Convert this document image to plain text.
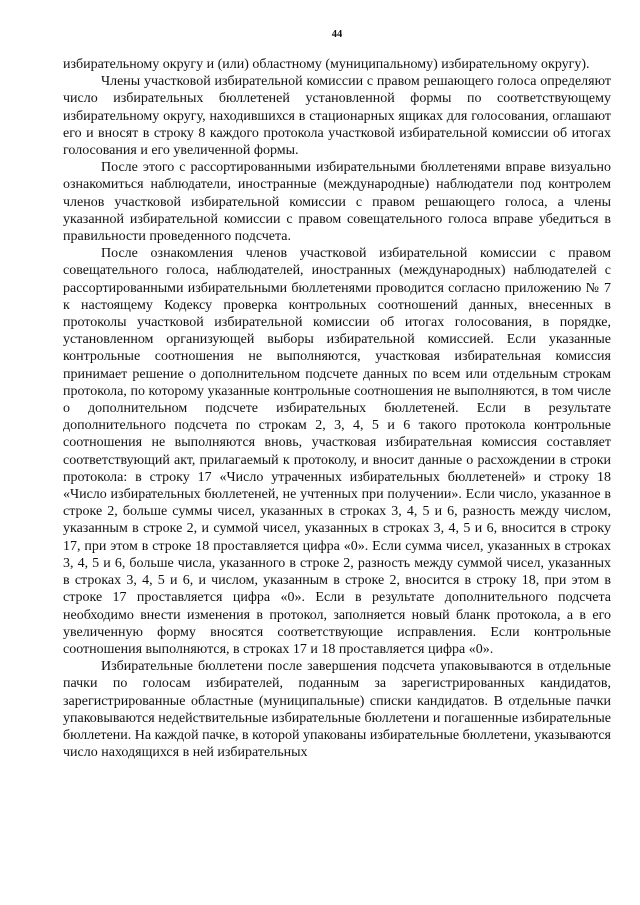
44

избирательному округу и (или) областному (муниципальному) избирательному округу).

Члены участковой избирательной комиссии с правом решающего голоса определяют число избирательных бюллетеней установленной формы по соответствующему избирательному округу, находившихся в стационарных ящиках для голосования, оглашают его и вносят в строку 8 каждого протокола участковой избирательной комиссии об итогах голосования и его увеличенной формы.

После этого с рассортированными избирательными бюллетенями вправе визуально ознакомиться наблюдатели, иностранные (международные) наблюдатели под контролем членов участковой избирательной комиссии с правом решающего голоса, а члены указанной избирательной комиссии с правом совещательного голоса вправе убедиться в правильности проведенного подсчета.

После ознакомления членов участковой избирательной комиссии с правом совещательного голоса, наблюдателей, иностранных (международных) наблюдателей с рассортированными избирательными бюллетенями проводится согласно приложению № 7 к настоящему Кодексу проверка контрольных соотношений данных, внесенных в протоколы участковой избирательной комиссии об итогах голосования, в порядке, установленном организующей выборы избирательной комиссией. Если указанные контрольные соотношения не выполняются, участковая избирательная комиссия принимает решение о дополнительном подсчете данных по всем или отдельным строкам протокола, по которому указанные контрольные соотношения не выполняются, в том числе о дополнительном подсчете избирательных бюллетеней. Если в результате дополнительного подсчета по строкам 2, 3, 4, 5 и 6 такого протокола контрольные соотношения не выполняются вновь, участковая избирательная комиссия составляет соответствующий акт, прилагаемый к протоколу, и вносит данные о расхождении в строки протокола: в строку 17 «Число утраченных избирательных бюллетеней» и строку 18 «Число избирательных бюллетеней, не учтенных при получении». Если число, указанное в строке 2, больше суммы чисел, указанных в строках 3, 4, 5 и 6, разность между числом, указанным в строке 2, и суммой чисел, указанных в строках 3, 4, 5 и 6, вносится в строку 17, при этом в строке 18 проставляется цифра «0». Если сумма чисел, указанных в строках 3, 4, 5 и 6, больше числа, указанного в строке 2, разность между суммой чисел, указанных в строках 3, 4, 5 и 6, и числом, указанным в строке 2, вносится в строку 18, при этом в строке 17 проставляется цифра «0». Если в результате дополнительного подсчета необходимо внести изменения в протокол, заполняется новый бланк протокола, а в его увеличенную форму вносятся соответствующие исправления. Если контрольные соотношения выполняются, в строках 17 и 18 проставляется цифра «0».

Избирательные бюллетени после завершения подсчета упаковываются в отдельные пачки по голосам избирателей, поданным за зарегистрированных кандидатов, зарегистрированные областные (муниципальные) списки кандидатов. В отдельные пачки упаковываются недействительные избирательные бюллетени и погашенные избирательные бюллетени. На каждой пачке, в которой упакованы избирательные бюллетени, указываются число находящихся в ней избирательных
